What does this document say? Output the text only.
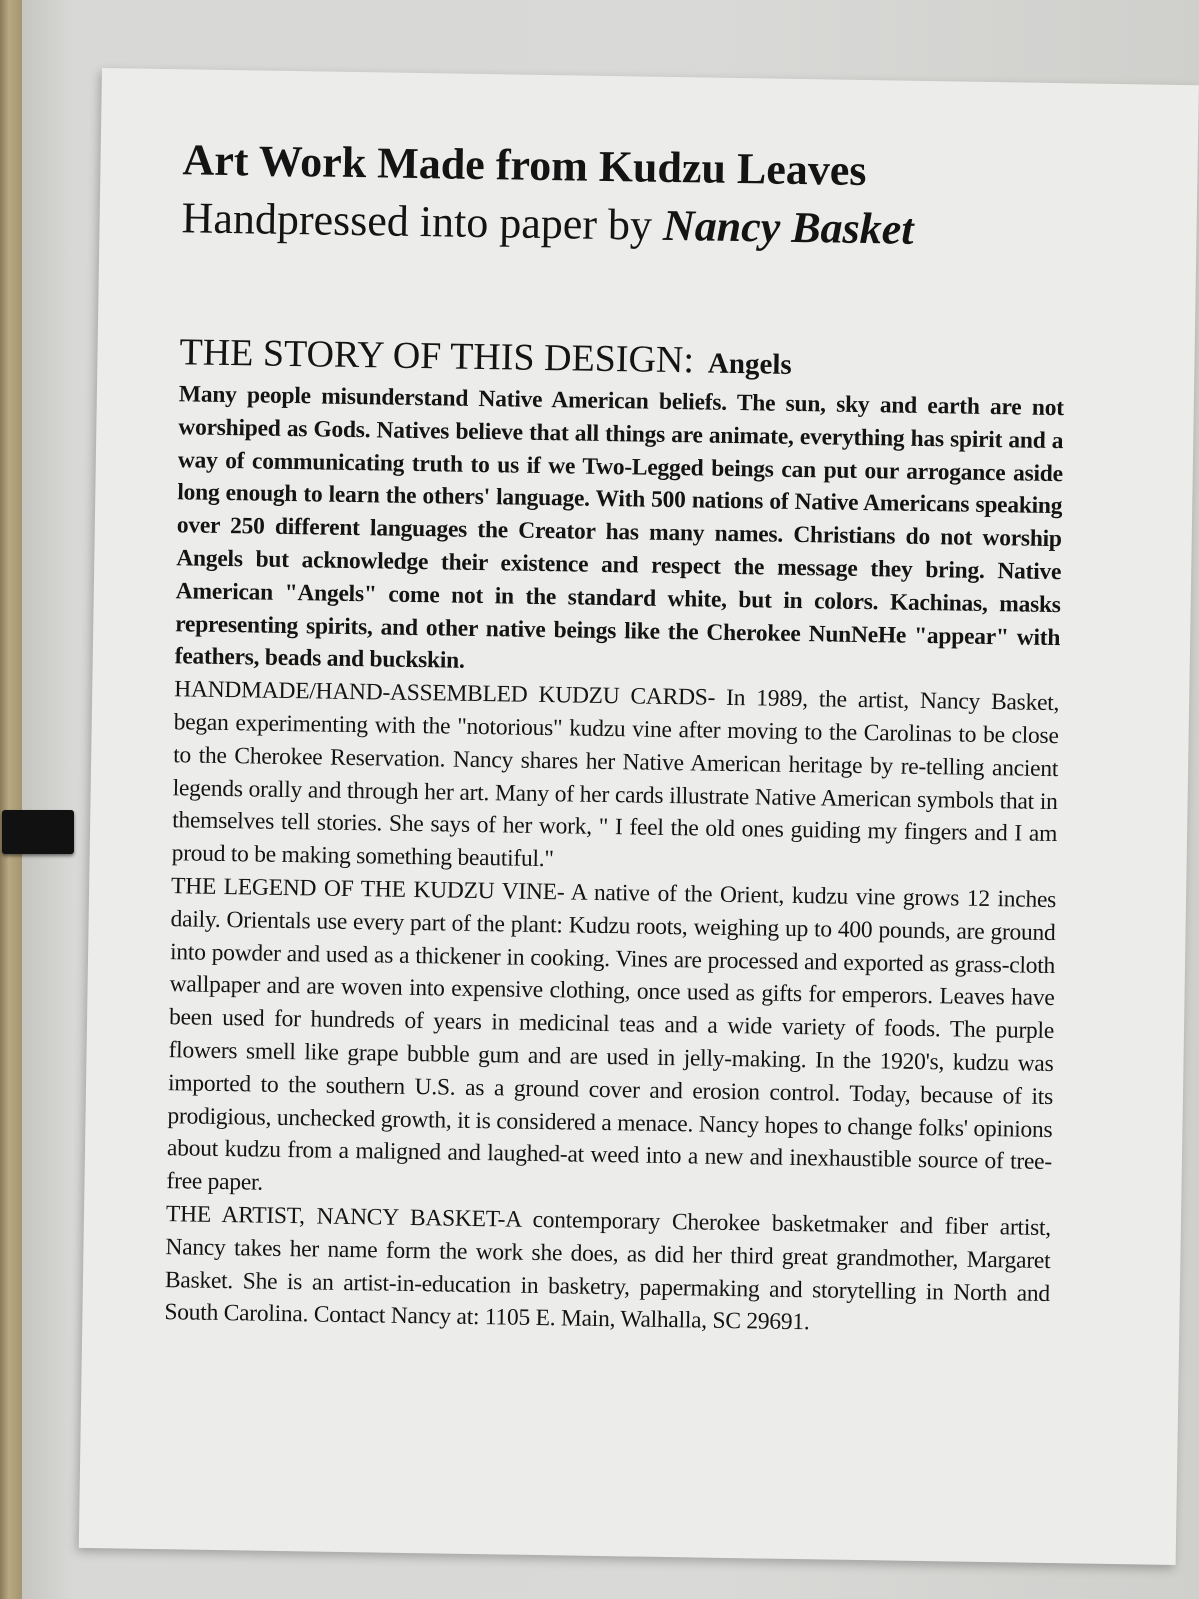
Art Work Made from Kudzu Leaves

Handpressed into paper by Nancy Basket

THE STORY OF THIS DESIGN: Angels

Many people misunderstand Native American beliefs. The sun, sky and earth are not worshiped as Gods. Natives believe that all things are animate, everything has spirit and a way of communicating truth to us if we Two-Legged beings can put our arrogance aside long enough to learn the others' language. With 500 nations of Native Americans speaking over 250 different languages the Creator has many names. Christians do not worship Angels but acknowledge their existence and respect the message they bring. Native American "Angels" come not in the standard white, but in colors. Kachinas, masks representing spirits, and other native beings like the Cherokee NunNeHe "appear" with feathers, beads and buckskin.

HANDMADE/HAND-ASSEMBLED KUDZU CARDS- In 1989, the artist, Nancy Basket, began experimenting with the "notorious" kudzu vine after moving to the Carolinas to be close to the Cherokee Reservation. Nancy shares her Native American heritage by re-telling ancient legends orally and through her art. Many of her cards illustrate Native American symbols that in themselves tell stories. She says of her work, " I feel the old ones guiding my fingers and I am proud to be making something beautiful."

THE LEGEND OF THE KUDZU VINE- A native of the Orient, kudzu vine grows 12 inches daily. Orientals use every part of the plant: Kudzu roots, weighing up to 400 pounds, are ground into powder and used as a thickener in cooking. Vines are processed and exported as grass-cloth wallpaper and are woven into expensive clothing, once used as gifts for emperors. Leaves have been used for hundreds of years in medicinal teas and a wide variety of foods. The purple flowers smell like grape bubble gum and are used in jelly-making. In the 1920's, kudzu was imported to the southern U.S. as a ground cover and erosion control. Today, because of its prodigious, unchecked growth, it is considered a menace. Nancy hopes to change folks' opinions about kudzu from a maligned and laughed-at weed into a new and inexhaustible source of tree-free paper.

THE ARTIST, NANCY BASKET-A contemporary Cherokee basketmaker and fiber artist, Nancy takes her name form the work she does, as did her third great grandmother, Margaret Basket. She is an artist-in-education in basketry, papermaking and storytelling in North and South Carolina. Contact Nancy at: 1105 E. Main, Walhalla, SC 29691.
